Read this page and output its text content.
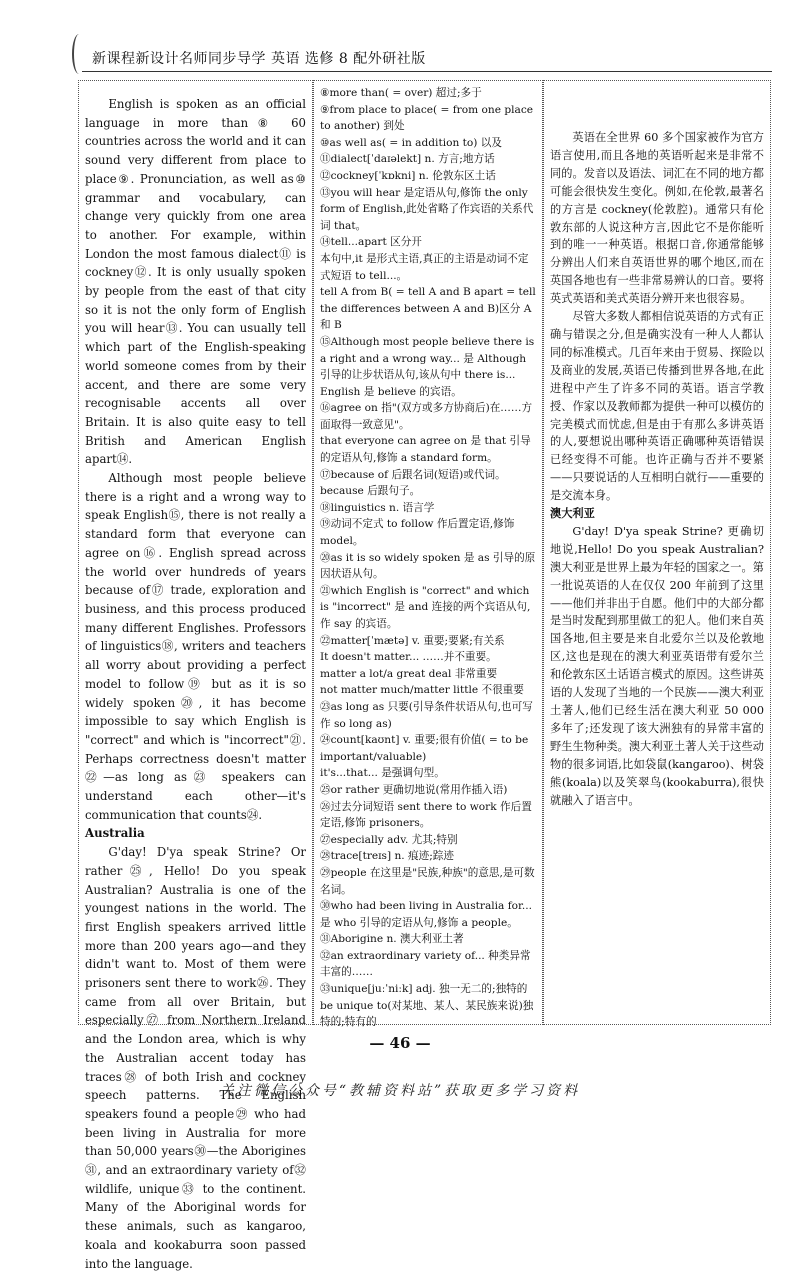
新课程新设计名师同步导学 英语 选修 8 配外研社版

English is spoken as an official language in more than⑧ 60 countries across the world and it can sound very different from place to place⑨. Pronunciation, as well as⑩ grammar and vocabulary, can change very quickly from one area to another. For example, within London the most famous dialect⑪ is cockney⑫. It is only usually spoken by people from the east of that city so it is not the only form of English you will hear⑬. You can usually tell which part of the English-speaking world someone comes from by their accent, and there are some very recognisable accents all over Britain. It is also quite easy to tell British and American English apart⑭.

Although most people believe there is a right and a wrong way to speak English⑮, there is not really a standard form that everyone can agree on⑯. English spread across the world over hundreds of years because of⑰ trade, exploration and business, and this process produced many different Englishes. Professors of linguistics⑱, writers and teachers all worry about providing a perfect model to follow⑲ but as it is so widely spoken⑳, it has become impossible to say which English is "correct" and which is "incorrect"㉑. Perhaps correctness doesn't matter㉒—as long as㉓ speakers can understand each other—it's communication that counts㉔.

Australia

G'day! D'ya speak Strine? Or rather㉕, Hello! Do you speak Australian? Australia is one of the youngest nations in the world. The first English speakers arrived little more than 200 years ago—and they didn't want to. Most of them were prisoners sent there to work㉖. They came from all over Britain, but especially㉗ from Northern Ireland and the London area, which is why the Australian accent today has traces㉘ of both Irish and cockney speech patterns. The English speakers found a people㉙ who had been living in Australia for more than 50,000 years㉚—the Aborigines㉛, and an extraordinary variety of㉜ wildlife, unique㉝ to the continent. Many of the Aboriginal words for these animals, such as kangaroo, koala and kookaburra soon passed into the language.

⑧more than( = over) 超过;多于

⑨from place to place( = from one place to another) 到处

⑩as well as( = in addition to) 以及

⑪dialect[ˈdaɪəlekt] n. 方言;地方话

⑫cockney[ˈkɒkni] n. 伦敦东区土话

⑬you will hear 是定语从句,修饰 the only form of English,此处省略了作宾语的关系代词 that。

⑭tell...apart 区分开

本句中,it 是形式主语,真正的主语是动词不定式短语 to tell...。

tell A from B( = tell A and B apart = tell the differences between A and B)区分 A 和 B

⑮Although most people believe there is a right and a wrong way... 是 Although 引导的让步状语从句,该从句中 there is... English 是 believe 的宾语。

⑯agree on 指"(双方或多方协商后)在……方面取得一致意见"。

that everyone can agree on 是 that 引导的定语从句,修饰 a standard form。

⑰because of 后跟名词(短语)或代词。because 后跟句子。

⑱linguistics n. 语言学

⑲动词不定式 to follow 作后置定语,修饰 model。

⑳as it is so widely spoken 是 as 引导的原因状语从句。

㉑which English is "correct" and which is "incorrect" 是 and 连接的两个宾语从句,作 say 的宾语。

㉒matter[ˈmætə] v. 重要;要紧;有关系

It doesn't matter... ……并不重要。

matter a lot/a great deal 非常重要

not matter much/matter little 不很重要

㉓as long as 只要(引导条件状语从句,也可写作 so long as)

㉔count[kaʊnt] v. 重要;很有价值( = to be important/valuable)

it's...that... 是强调句型。

㉕or rather 更确切地说(常用作插入语)

㉖过去分词短语 sent there to work 作后置定语,修饰 prisoners。

㉗especially adv. 尤其;特别

㉘trace[treɪs] n. 痕迹;踪迹

㉙people 在这里是"民族,种族"的意思,是可数名词。

㉚who had been living in Australia for... 是 who 引导的定语从句,修饰 a people。

㉛Aborigine n. 澳大利亚土著

㉜an extraordinary variety of... 种类异常丰富的……

㉝unique[juːˈniːk] adj. 独一无二的;独特的

be unique to(对某地、某人、某民族来说)独特的;特有的

英语在全世界 60 多个国家被作为官方语言使用,而且各地的英语听起来是非常不同的。发音以及语法、词汇在不同的地方都可能会很快发生变化。例如,在伦敦,最著名的方言是 cockney(伦敦腔)。通常只有伦敦东部的人说这种方言,因此它不是你能听到的唯一一种英语。根据口音,你通常能够分辨出人们来自英语世界的哪个地区,而在英国各地也有一些非常易辨认的口音。要将英式英语和美式英语分辨开来也很容易。

尽管大多数人都相信说英语的方式有正确与错误之分,但是确实没有一种人人都认同的标准模式。几百年来由于贸易、探险以及商业的发展,英语已传播到世界各地,在此进程中产生了许多不同的英语。语言学教授、作家以及教师都为提供一种可以模仿的完美模式而忧虑,但是由于有那么多讲英语的人,要想说出哪种英语正确哪种英语错误已经变得不可能。也许正确与否并不要紧——只要说话的人互相明白就行——重要的是交流本身。

澳大利亚

G'day! D'ya speak Strine? 更确切地说,Hello! Do you speak Australian? 澳大利亚是世界上最为年轻的国家之一。第一批说英语的人在仅仅 200 年前到了这里——他们并非出于自愿。他们中的大部分都是当时发配到那里做工的犯人。他们来自英国各地,但主要是来自北爱尔兰以及伦敦地区,这也是现在的澳大利亚英语带有爱尔兰和伦敦东区土话语言模式的原因。这些讲英语的人发现了当地的一个民族——澳大利亚土著人,他们已经生活在澳大利亚 50 000 多年了;还发现了该大洲独有的异常丰富的野生生物种类。澳大利亚土著人关于这些动物的很多词语,比如袋鼠(kangaroo)、树袋熊(koala)以及笑翠鸟(kookaburra),很快就融入了语言中。

— 46 —
关注微信公众号“教辅资料站”获取更多学习资料
